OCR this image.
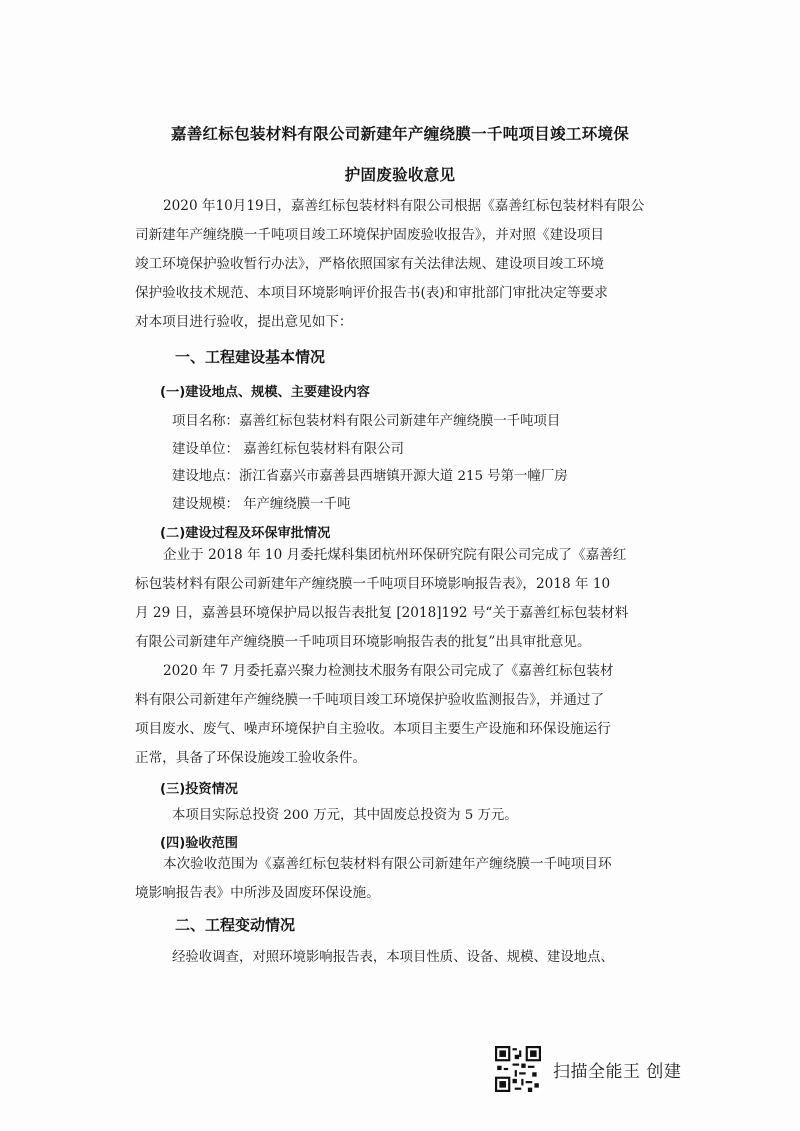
嘉善红标包装材料有限公司新建年产缠绕膜一千吨项目竣工环境保
护固废验收意见
2020 年10月19日，嘉善红标包装材料有限公司根据《嘉善红标包装材料有限公
司新建年产缠绕膜一千吨项目竣工环境保护固废验收报告》，并对照《建设项目
竣工环境保护验收暂行办法》，严格依照国家有关法律法规、建设项目竣工环境
保护验收技术规范、本项目环境影响评价报告书(表)和审批部门审批决定等要求
对本项目进行验收，提出意见如下：
一、工程建设基本情况
(一)建设地点、规模、主要建设内容
项目名称：嘉善红标包装材料有限公司新建年产缠绕膜一千吨项目
建设单位： 嘉善红标包装材料有限公司
建设地点：浙江省嘉兴市嘉善县西塘镇开源大道 215 号第一幢厂房
建设规模： 年产缠绕膜一千吨
(二)建设过程及环保审批情况
企业于 2018 年 10 月委托煤科集团杭州环保研究院有限公司完成了《嘉善红
标包装材料有限公司新建年产缠绕膜一千吨项目环境影响报告表》，2018 年 10
月 29 日，嘉善县环境保护局以报告表批复 [2018]192 号“关于嘉善红标包装材料
有限公司新建年产缠绕膜一千吨项目环境影响报告表的批复”出具审批意见。
2020 年 7 月委托嘉兴聚力检测技术服务有限公司完成了《嘉善红标包装材
料有限公司新建年产缠绕膜一千吨项目竣工环境保护验收监测报告》，并通过了
项目废水、废气、噪声环境保护自主验收。本项目主要生产设施和环保设施运行
正常，具备了环保设施竣工验收条件。
(三)投资情况
本项目实际总投资 200 万元，其中固废总投资为 5 万元。
(四)验收范围
本次验收范围为《嘉善红标包装材料有限公司新建年产缠绕膜一千吨项目环
境影响报告表》中所涉及固废环保设施。
二、工程变动情况
经验收调查，对照环境影响报告表，本项目性质、设备、规模、建设地点、
扫描全能王 创建
